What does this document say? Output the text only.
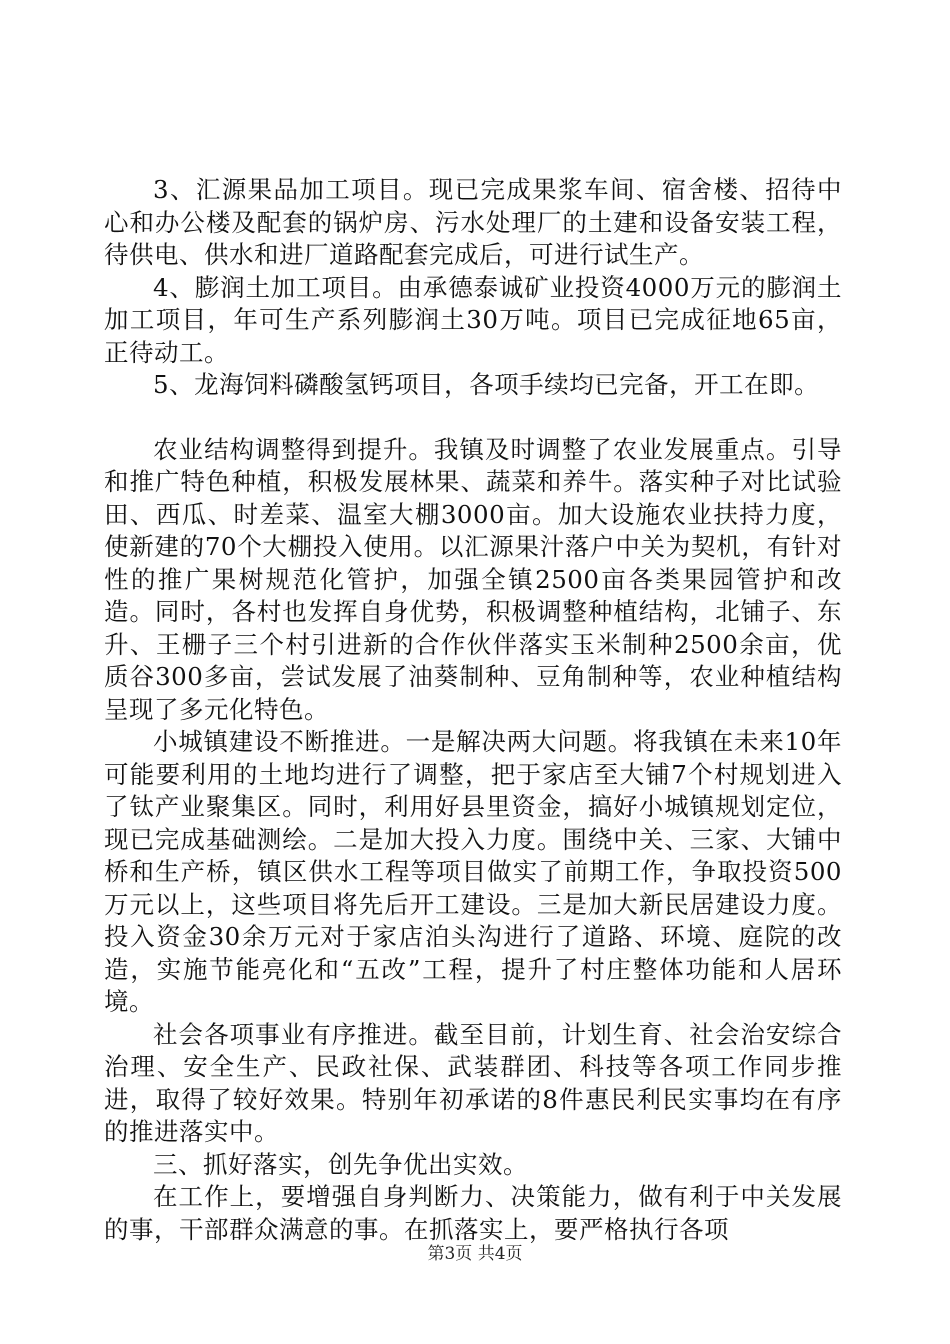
3、汇源果品加工项目。现已完成果浆车间、宿舍楼、招待中心和办公楼及配套的锅炉房、污水处理厂的土建和设备安装工程，待供电、供水和进厂道路配套完成后，可进行试生产。

4、膨润土加工项目。由承德泰诚矿业投资4000万元的膨润土加工项目，年可生产系列膨润土30万吨。项目已完成征地65亩，正待动工。

5、龙海饲料磷酸氢钙项目，各项手续均已完备，开工在即。

农业结构调整得到提升。我镇及时调整了农业发展重点。引导和推广特色种植，积极发展林果、蔬菜和养牛。落实种子对比试验田、西瓜、时差菜、温室大棚3000亩。加大设施农业扶持力度，使新建的70个大棚投入使用。以汇源果汁落户中关为契机，有针对性的推广果树规范化管护，加强全镇2500亩各类果园管护和改造。同时，各村也发挥自身优势，积极调整种植结构，北铺子、东升、王栅子三个村引进新的合作伙伴落实玉米制种2500余亩，优质谷300多亩，尝试发展了油葵制种、豆角制种等，农业种植结构呈现了多元化特色。

小城镇建设不断推进。一是解决两大问题。将我镇在未来10年可能要利用的土地均进行了调整，把于家店至大铺7个村规划进入了钛产业聚集区。同时，利用好县里资金，搞好小城镇规划定位，现已完成基础测绘。二是加大投入力度。围绕中关、三家、大铺中桥和生产桥，镇区供水工程等项目做实了前期工作，争取投资500万元以上，这些项目将先后开工建设。三是加大新民居建设力度。投入资金30余万元对于家店泊头沟进行了道路、环境、庭院的改造，实施节能亮化和“五改”工程，提升了村庄整体功能和人居环境。

社会各项事业有序推进。截至目前，计划生育、社会治安综合治理、安全生产、民政社保、武装群团、科技等各项工作同步推进，取得了较好效果。特别年初承诺的8件惠民利民实事均在有序的推进落实中。

三、抓好落实，创先争优出实效。

在工作上，要增强自身判断力、决策能力，做有利于中关发展的事，干部群众满意的事。在抓落实上，要严格执行各项

第3页 共4页
